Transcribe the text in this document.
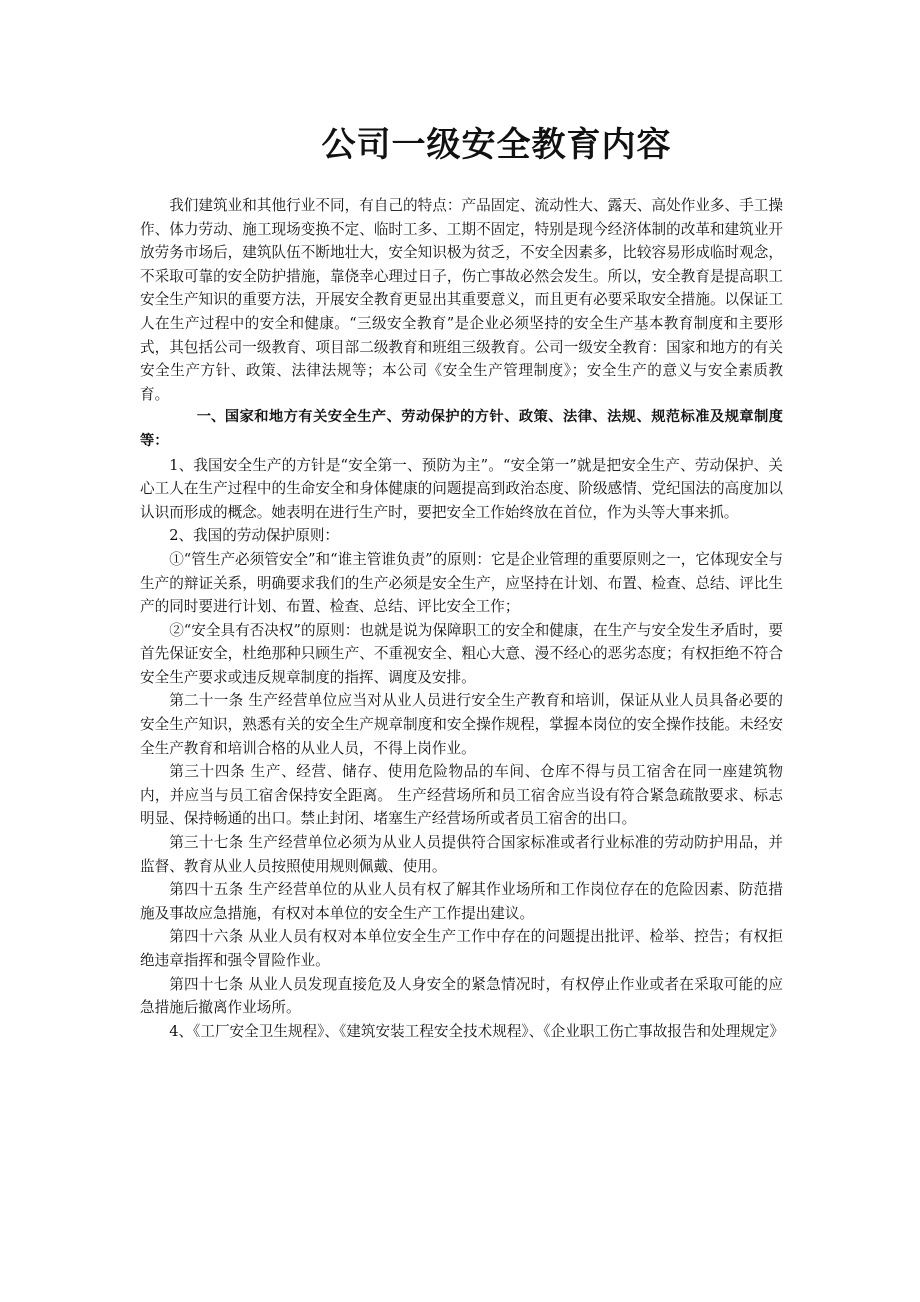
公司一级安全教育内容

我们建筑业和其他行业不同，有自己的特点：产品固定、流动性大、露天、高处作业多、手工操作、体力劳动、施工现场变换不定、临时工多、工期不固定，特别是现今经济体制的改革和建筑业开放劳务市场后，建筑队伍不断地壮大，安全知识极为贫乏，不安全因素多，比较容易形成临时观念，不采取可靠的安全防护措施，靠侥幸心理过日子，伤亡事故必然会发生。所以，安全教育是提高职工安全生产知识的重要方法，开展安全教育更显出其重要意义，而且更有必要采取安全措施。以保证工人在生产过程中的安全和健康。“三级安全教育”是企业必须坚持的安全生产基本教育制度和主要形式，其包括公司一级教育、项目部二级教育和班组三级教育。公司一级安全教育：国家和地方的有关安全生产方针、政策、法律法规等；本公司《安全生产管理制度》；安全生产的意义与安全素质教育。

一、国家和地方有关安全生产、劳动保护的方针、政策、法律、法规、规范标准及规章制度等：

1、我国安全生产的方针是“安全第一、预防为主”。“安全第一”就是把安全生产、劳动保护、关心工人在生产过程中的生命安全和身体健康的问题提高到政治态度、阶级感情、党纪国法的高度加以认识而形成的概念。她表明在进行生产时，要把安全工作始终放在首位，作为头等大事来抓。

2、我国的劳动保护原则：

①“管生产必须管安全”和“谁主管谁负责”的原则：它是企业管理的重要原则之一，它体现安全与生产的辩证关系，明确要求我们的生产必须是安全生产，应坚持在计划、布置、检查、总结、评比生产的同时要进行计划、布置、检查、总结、评比安全工作；

②“安全具有否决权”的原则：也就是说为保障职工的安全和健康，在生产与安全发生矛盾时，要首先保证安全，杜绝那种只顾生产、不重视安全、粗心大意、漫不经心的恶劣态度；有权拒绝不符合安全生产要求或违反规章制度的指挥、调度及安排。

第二十一条 生产经营单位应当对从业人员进行安全生产教育和培训，保证从业人员具备必要的安全生产知识，熟悉有关的安全生产规章制度和安全操作规程，掌握本岗位的安全操作技能。未经安全生产教育和培训合格的从业人员，不得上岗作业。

第三十四条 生产、经营、储存、使用危险物品的车间、仓库不得与员工宿舍在同一座建筑物内，并应当与员工宿舍保持安全距离。 生产经营场所和员工宿舍应当设有符合紧急疏散要求、标志明显、保持畅通的出口。禁止封闭、堵塞生产经营场所或者员工宿舍的出口。

第三十七条 生产经营单位必须为从业人员提供符合国家标准或者行业标准的劳动防护用品，并监督、教育从业人员按照使用规则佩戴、使用。

第四十五条 生产经营单位的从业人员有权了解其作业场所和工作岗位存在的危险因素、防范措施及事故应急措施，有权对本单位的安全生产工作提出建议。

第四十六条 从业人员有权对本单位安全生产工作中存在的问题提出批评、检举、控告；有权拒绝违章指挥和强令冒险作业。

第四十七条 从业人员发现直接危及人身安全的紧急情况时，有权停止作业或者在采取可能的应急措施后撤离作业场所。

4、《工厂安全卫生规程》、《建筑安装工程安全技术规程》、《企业职工伤亡事故报告和处理规定》
